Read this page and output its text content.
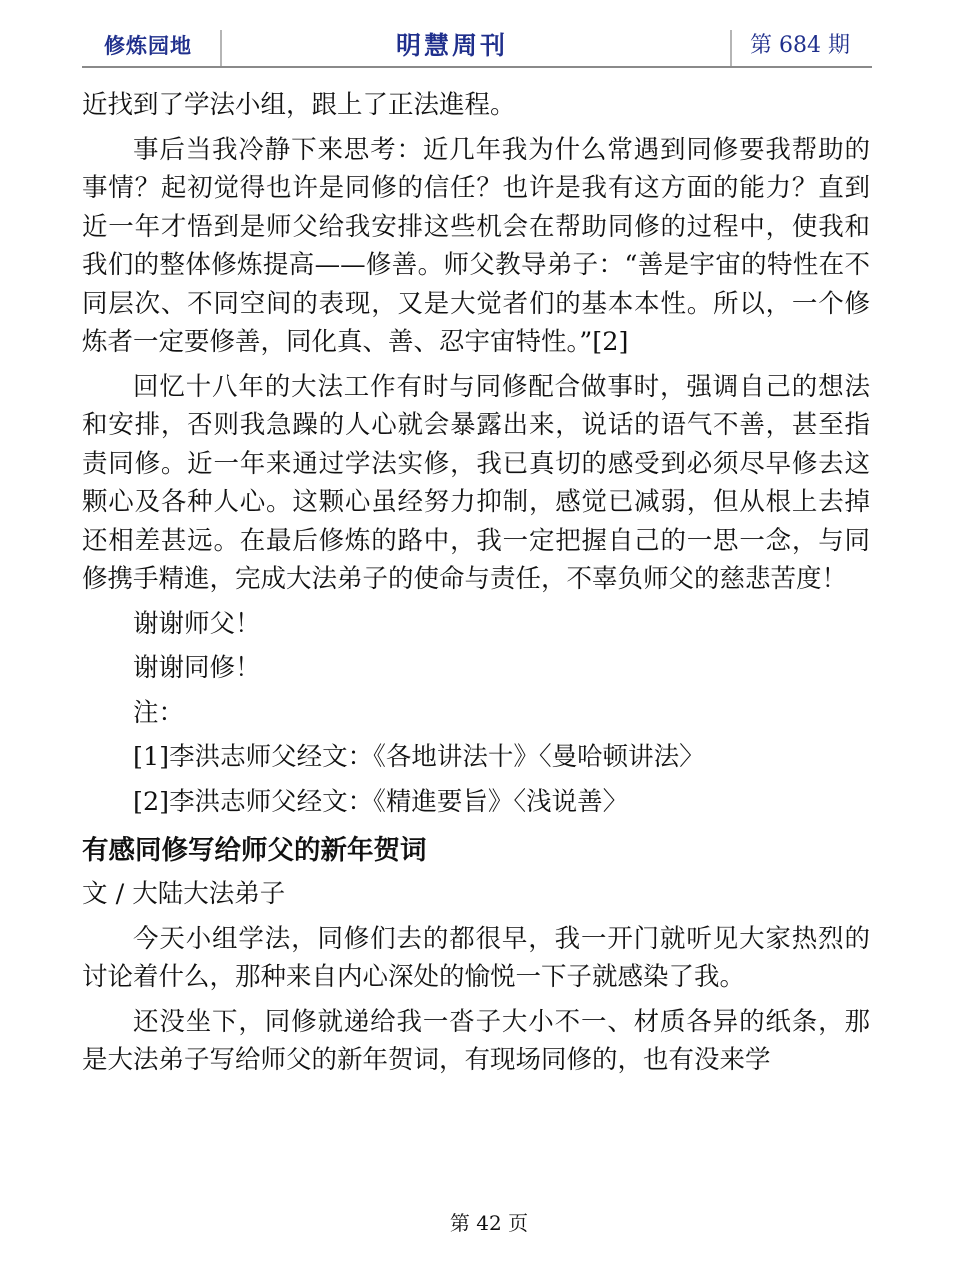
修炼园地	明慧周刊	第 684 期

近找到了学法小组，跟上了正法進程。

事后当我冷静下来思考：近几年我为什么常遇到同修要我帮助的事情？起初觉得也许是同修的信任？也许是我有这方面的能力？直到近一年才悟到是师父给我安排这些机会在帮助同修的过程中，使我和我们的整体修炼提高——修善。师父教导弟子：“善是宇宙的特性在不同层次、不同空间的表现，又是大觉者们的基本本性。所以，一个修炼者一定要修善，同化真、善、忍宇宙特性。”[2]

回忆十八年的大法工作有时与同修配合做事时，强调自己的想法和安排，否则我急躁的人心就会暴露出来，说话的语气不善，甚至指责同修。近一年来通过学法实修，我已真切的感受到必须尽早修去这颗心及各种人心。这颗心虽经努力抑制，感觉已减弱，但从根上去掉还相差甚远。在最后修炼的路中，我一定把握自己的一思一念，与同修携手精進，完成大法弟子的使命与责任，不辜负师父的慈悲苦度！

谢谢师父！

谢谢同修！

注：

[1]李洪志师父经文：《各地讲法十》〈曼哈顿讲法〉

[2]李洪志师父经文：《精進要旨》〈浅说善〉

有感同修写给师父的新年贺词

文 / 大陆大法弟子

今天小组学法，同修们去的都很早，我一开门就听见大家热烈的讨论着什么，那种来自内心深处的愉悦一下子就感染了我。

还没坐下，同修就递给我一沓子大小不一、材质各异的纸条，那是大法弟子写给师父的新年贺词，有现场同修的，也有没来学

第 42 页
